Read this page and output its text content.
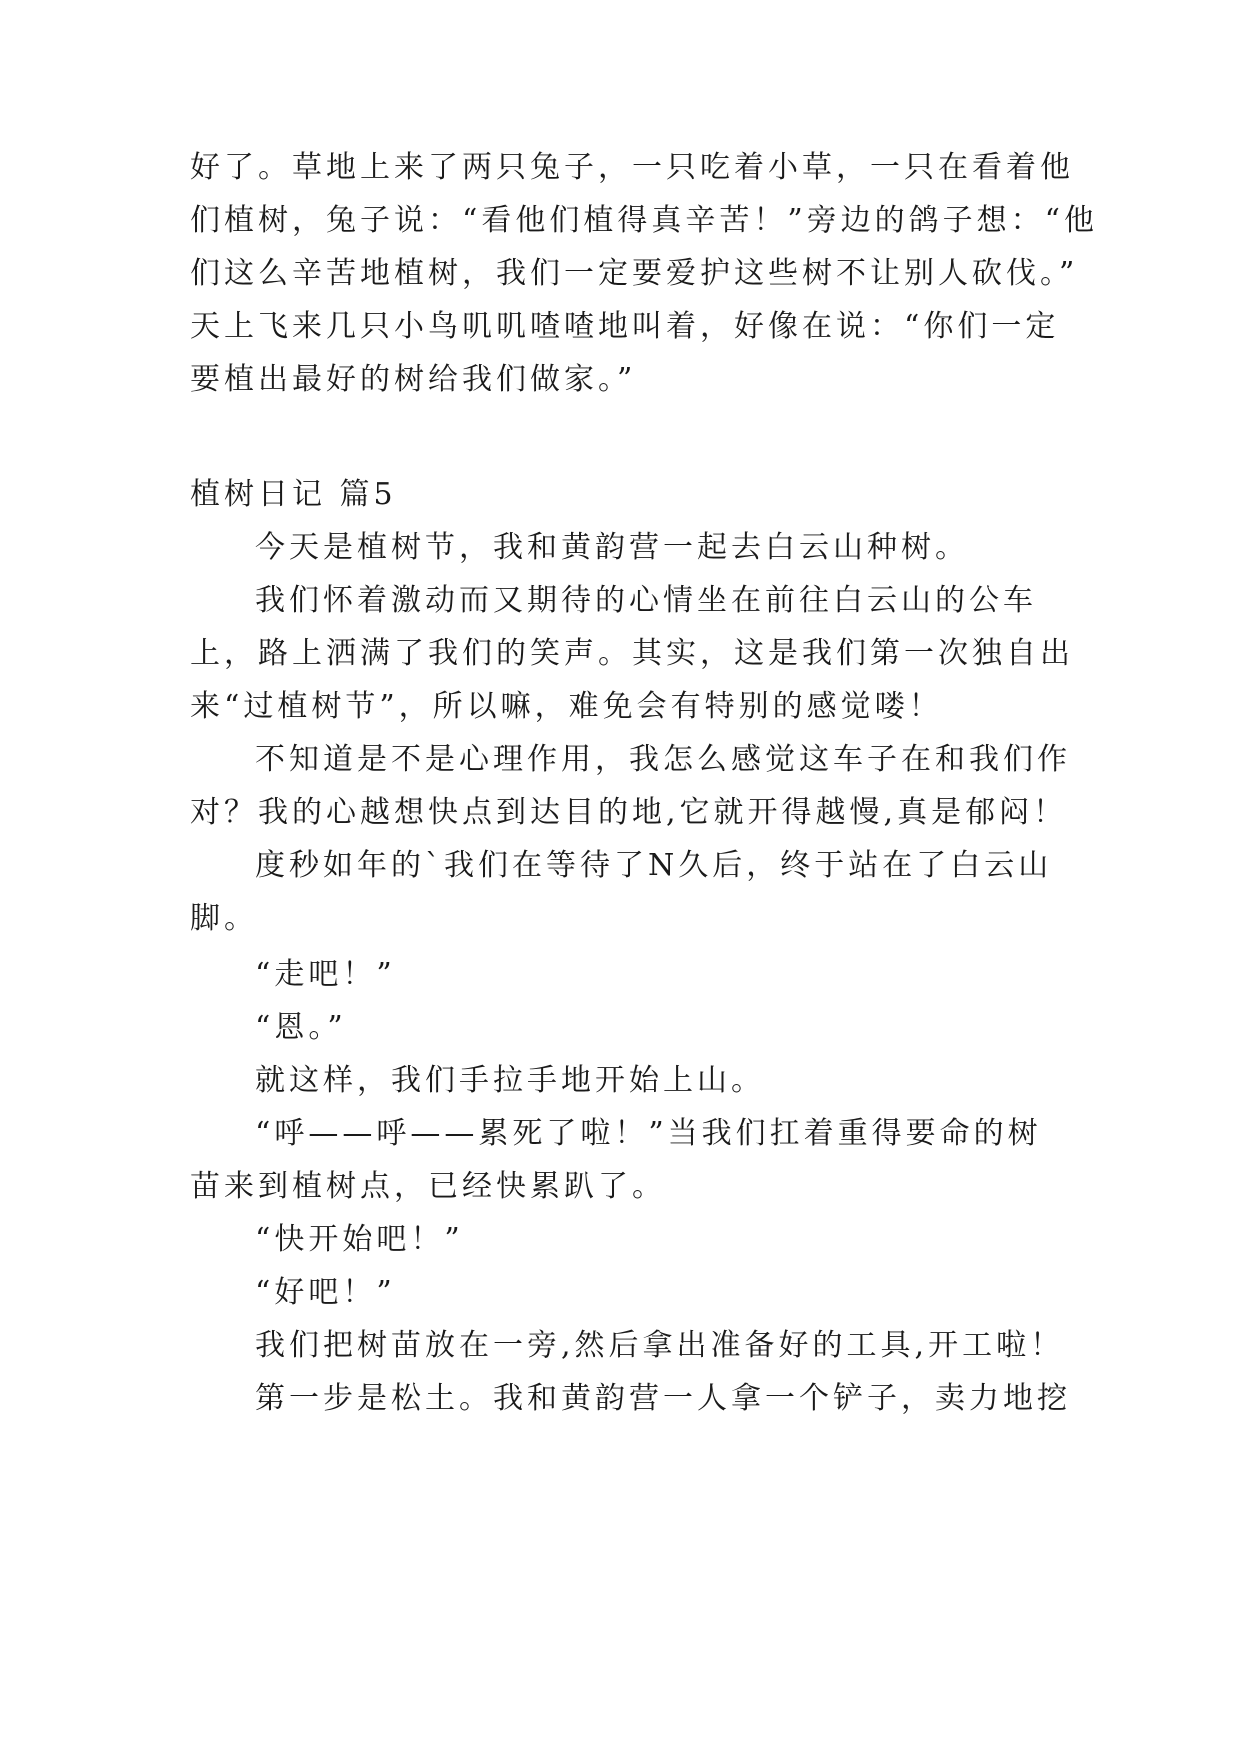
好了。草地上来了两只兔子，一只吃着小草，一只在看着他

们植树，兔子说：“看他们植得真辛苦！”旁边的鸽子想：“他

们这么辛苦地植树，我们一定要爱护这些树不让别人砍伐。”

天上飞来几只小鸟叽叽喳喳地叫着，好像在说：“你们一定

要植出最好的树给我们做家。”

植树日记 篇5

今天是植树节，我和黄韵营一起去白云山种树。

我们怀着激动而又期待的心情坐在前往白云山的公车

上，路上洒满了我们的笑声。其实，这是我们第一次独自出

来“过植树节”，所以嘛，难免会有特别的感觉喽！

不知道是不是心理作用，我怎么感觉这车子在和我们作

对？我的心越想快点到达目的地,它就开得越慢,真是郁闷！

度秒如年的`我们在等待了N久后，终于站在了白云山

脚。

“走吧！”

“恩。”

就这样，我们手拉手地开始上山。

“呼——呼——累死了啦！”当我们扛着重得要命的树

苗来到植树点，已经快累趴了。

“快开始吧！”

“好吧！”

我们把树苗放在一旁,然后拿出准备好的工具,开工啦！

第一步是松土。我和黄韵营一人拿一个铲子，卖力地挖
